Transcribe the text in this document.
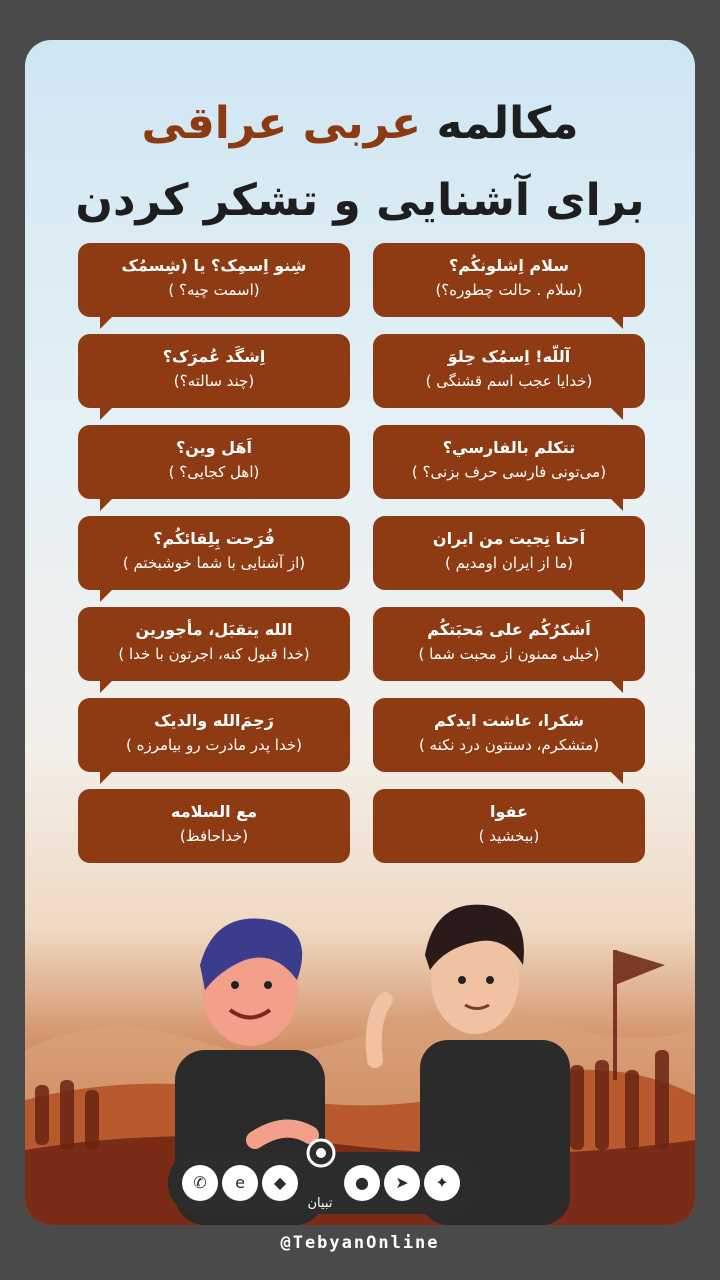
مکالمه عربی عراقی
برای آشنایی و تشکر کردن
سلام اِشلونکُم؟
(سلام . حالت چطوره؟)
آللّه! اِسمُک حِلوَ
(خدایا عجب اسم قشنگی )
تتکلم بالفارسي؟
(می‌تونی فارسی حرف بزنی؟ )
اَحنا نِجیت من ایران
(ما از ایران اومدیم )
اَشکرُکُم علی مَحبَتکُم
(خیلی ممنون از محبت شما )
شکرا، عاشت ایدکم
(متشکرم، دستتون درد نکنه )
عفوا
(ببخشید )
شِنو اِسمِک؟ یا (شِسمُک
(اسمت چیه؟ )
اِشگَد عُمرَک؟
(چند سالته؟)
اَهَل وین؟
(اهل کجایی؟ )
فُرَحت بِلِقائکُم؟
(از آشنایی با شما خوشبختم )
الله یتقبَل، مأجورین
(خدا قبول کنه، اجرتون با خدا )
رَحِمَ‌الله والدیک
(خدا پدر مادرت رو بیامرزه )
مع السلامه
(خداحافظ)
✆	e	◆	●	➤	✦
تبیان
@TebyanOnline
